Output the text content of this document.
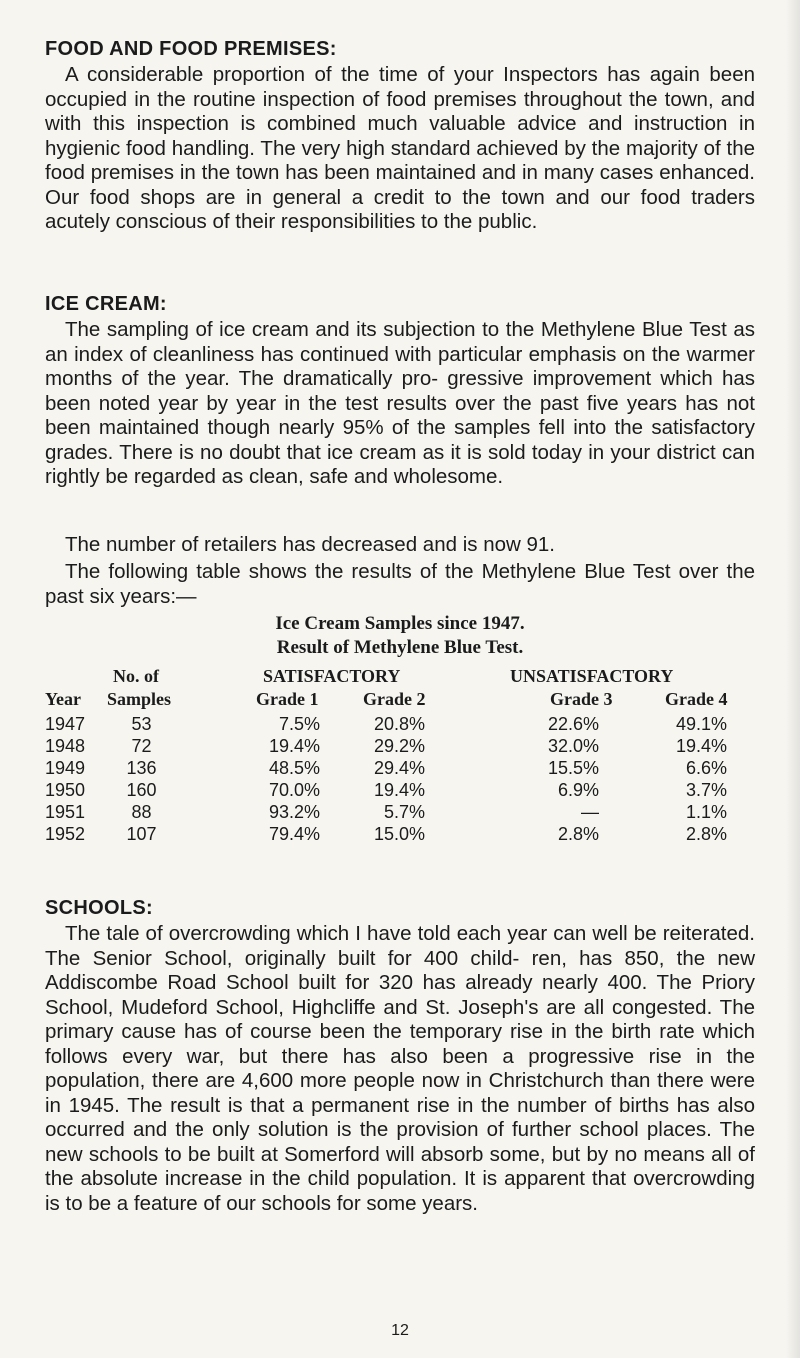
FOOD AND FOOD PREMISES:

A considerable proportion of the time of your Inspectors has again been occupied in the routine inspection of food premises throughout the town, and with this inspection is combined much valuable advice and instruction in hygienic food handling. The very high standard achieved by the majority of the food premises in the town has been maintained and in many cases enhanced. Our food shops are in general a credit to the town and our food traders acutely conscious of their responsibilities to the public.

ICE CREAM:

The sampling of ice cream and its subjection to the Methylene Blue Test as an index of cleanliness has continued with particular emphasis on the warmer months of the year. The dramatically pro- gressive improvement which has been noted year by year in the test results over the past five years has not been maintained though nearly 95% of the samples fell into the satisfactory grades. There is no doubt that ice cream as it is sold today in your district can rightly be regarded as clean, safe and wholesome.

The number of retailers has decreased and is now 91.

The following table shows the results of the Methylene Blue Test over the past six years:—

Ice Cream Samples since 1947.
Result of Methylene Blue Test.
No. of	SATISFACTORY	UNSATISFACTORY
Year Samples	Grade 1 Grade 2	Grade 3	Grade 4
1947	53	7.5%	20.8%	22.6%	49.1%
1948	72	19.4%	29.2%	32.0%	19.4%
1949	136	48.5%	29.4%	15.5%	6.6%
1950	160	70.0%	19.4%	6.9%	3.7%
1951	88	93.2%	5.7%	—	1.1%
1952	107	79.4%	15.0%	2.8%	2.8%
SCHOOLS:

The tale of overcrowding which I have told each year can well be reiterated. The Senior School, originally built for 400 child- ren, has 850, the new Addiscombe Road School built for 320 has already nearly 400. The Priory School, Mudeford School, Highcliffe and St. Joseph's are all congested. The primary cause has of course been the temporary rise in the birth rate which follows every war, but there has also been a progressive rise in the population, there are 4,600 more people now in Christchurch than there were in 1945. The result is that a permanent rise in the number of births has also occurred and the only solution is the provision of further school places. The new schools to be built at Somerford will absorb some, but by no means all of the absolute increase in the child population. It is apparent that overcrowding is to be a feature of our schools for some years.

12
